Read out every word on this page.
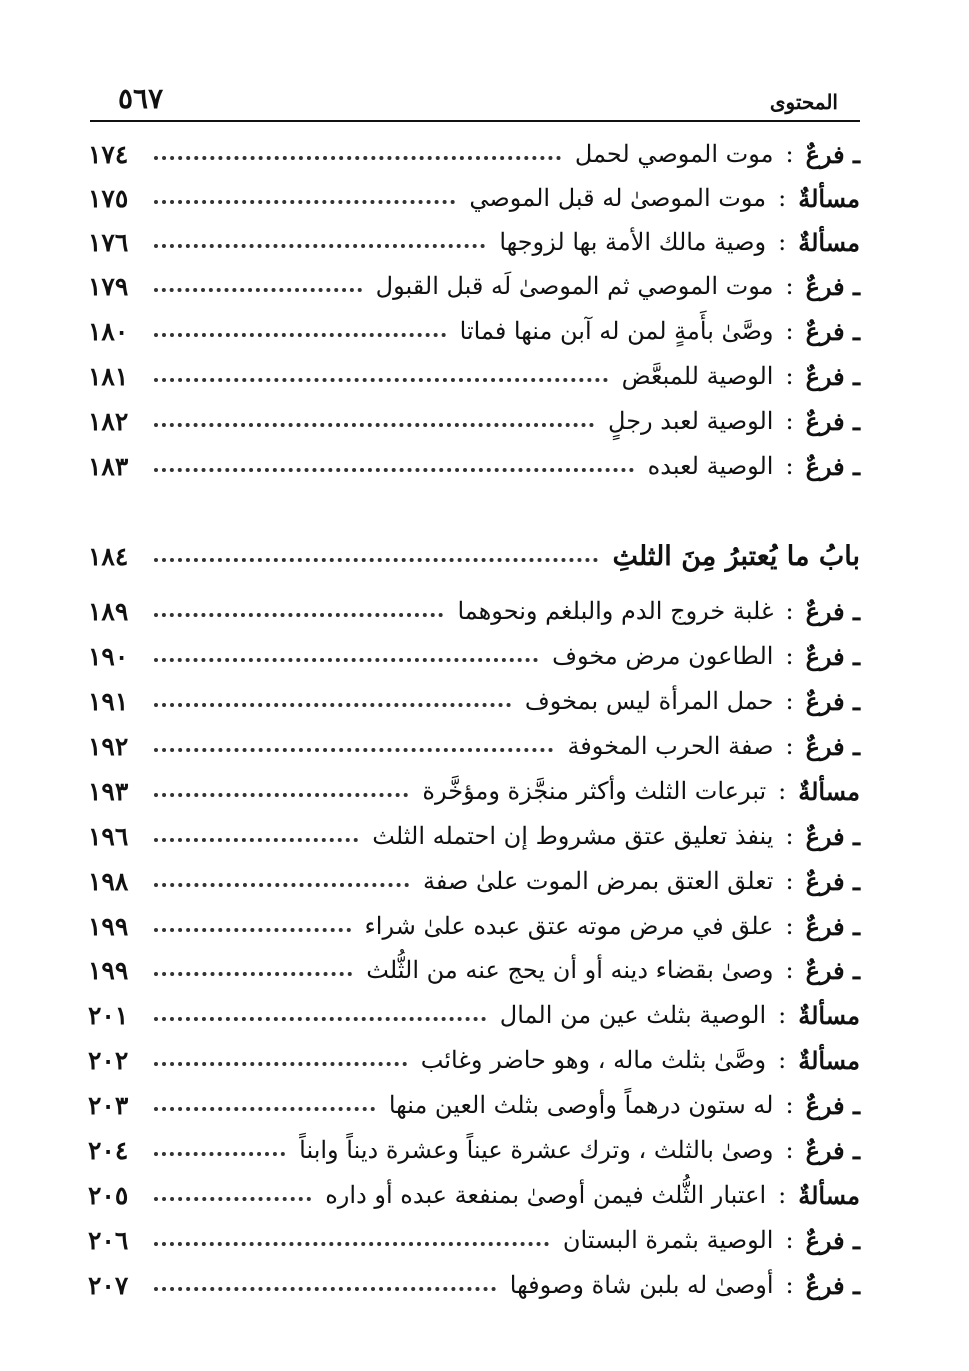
٥٦٧	المحتوى
ـ فرعٌ
:
موت الموصي لحمل
١٧٤
مسألةٌ
:
موت الموصىٰ له قبل الموصي
١٧٥
مسألةٌ
:
وصية مالك الأمة بها لزوجها
١٧٦
ـ فرعٌ
:
موت الموصي ثم الموصىٰ لَه قبل القبول
١٧٩
ـ فرعٌ
:
وصَّىٰ بأَمةٍ لمن له آبن منها فماتا
١٨٠
ـ فرعٌ
:
الوصية للمبعَّض
١٨١
ـ فرعٌ
:
الوصية لعبد رجلٍ
١٨٢
ـ فرعٌ
:
الوصية لعبده
١٨٣
بابُ ما يُعتبرُ مِنَ الثلثِ
١٨٤
ـ فرعٌ
:
غلبة خروج الدم والبلغم ونحوهما
١٨٩
ـ فرعٌ
:
الطاعون مرض مخوف
١٩٠
ـ فرعٌ
:
حمل المرأة ليس بمخوف
١٩١
ـ فرعٌ
:
صفة الحرب المخوفة
١٩٢
مسألةٌ
:
تبرعات الثلث وأكثر منجَّزة ومؤخَّرة
١٩٣
ـ فرعٌ
:
ينفذ تعليق عتق مشروط إن احتمله الثلث
١٩٦
ـ فرعٌ
:
تعلق العتق بمرض الموت علىٰ صفة
١٩٨
ـ فرعٌ
:
علق في مرض موته عتق عبده علىٰ شراء
١٩٩
ـ فرعٌ
:
وصىٰ بقضاء دينه أو أن يحج عنه من الثُّلث
١٩٩
مسألةٌ
:
الوصية بثلث عين من المال
٢٠١
مسألةٌ
:
وصَّىٰ بثلث ماله ، وهو حاضر وغائب
٢٠٢
ـ فرعٌ
:
له ستون درهماً وأوصى بثلث العين منها
٢٠٣
ـ فرعٌ
:
وصىٰ بالثلث ، وترك عشرة عيناً وعشرة ديناً وابناً
٢٠٤
مسألةٌ
:
اعتبار الثُّلث فيمن أوصىٰ بمنفعة عبده أو داره
٢٠٥
ـ فرعٌ
:
الوصية بثمرة البستان
٢٠٦
ـ فرعٌ
:
أوصىٰ له بلبن شاة وصوفها
٢٠٧
